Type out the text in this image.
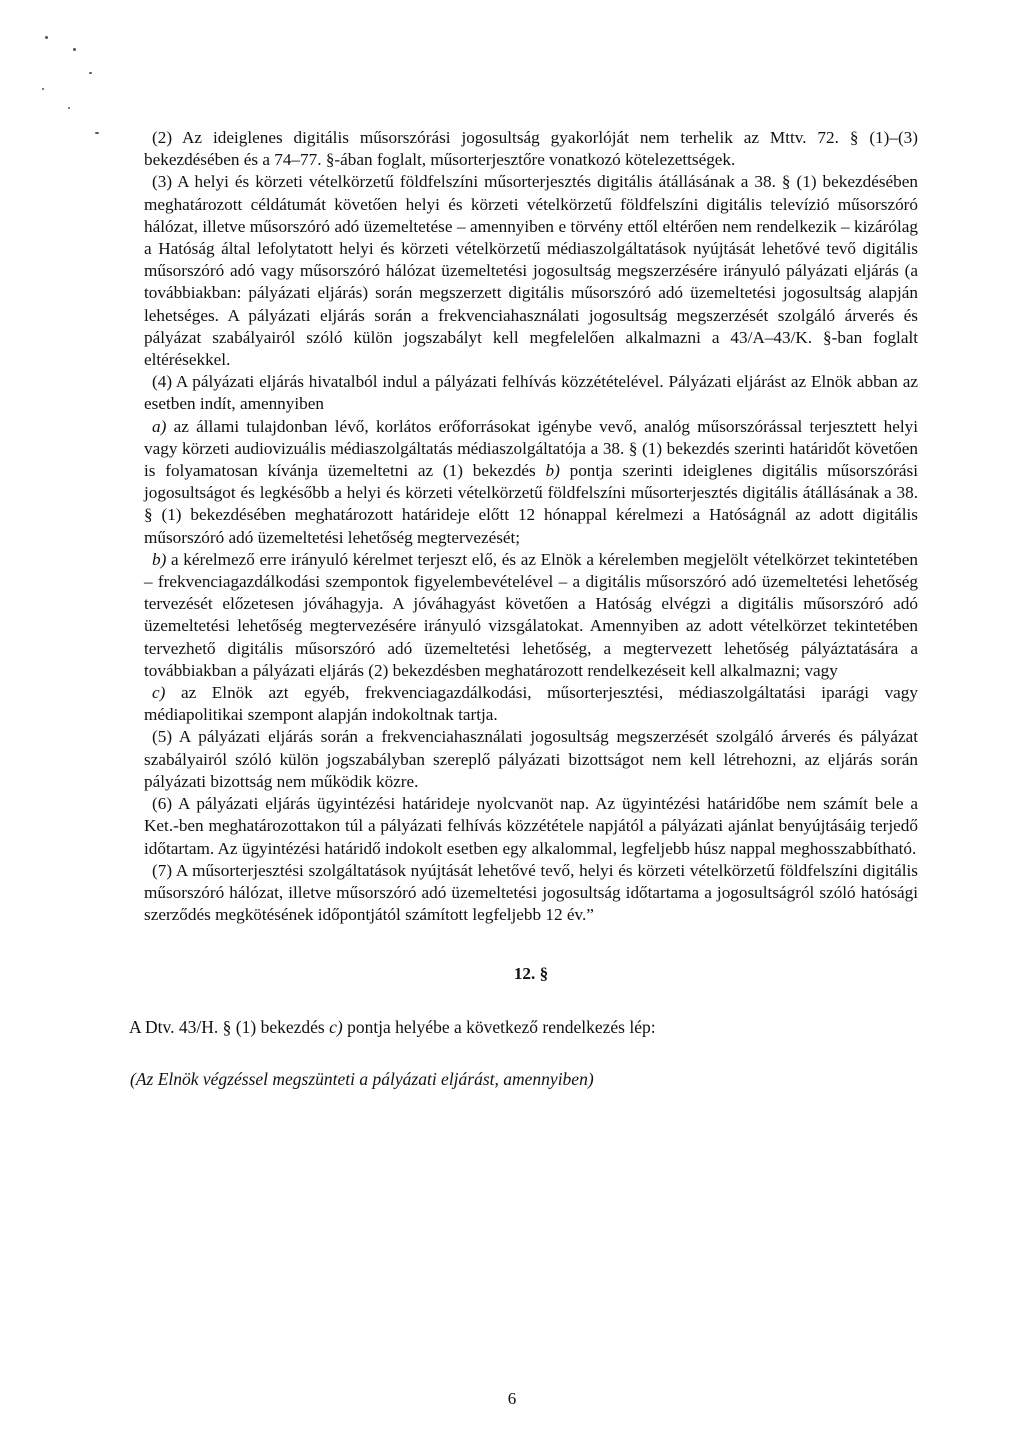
(2) Az ideiglenes digitális műsorszórási jogosultság gyakorlóját nem terhelik az Mttv. 72. § (1)–(3) bekezdésében és a 74–77. §-ában foglalt, műsorterjesztőre vonatkozó kötelezettségek.

(3) A helyi és körzeti vételkörzetű földfelszíni műsorterjesztés digitális átállásának a 38. § (1) bekezdésében meghatározott céldátumát követően helyi és körzeti vételkörzetű földfelszíni digitális televízió műsorszóró hálózat, illetve műsorszóró adó üzemeltetése – amennyiben e törvény ettől eltérően nem rendelkezik – kizárólag a Hatóság által lefolytatott helyi és körzeti vételkörzetű médiaszolgáltatások nyújtását lehetővé tevő digitális műsorszóró adó vagy műsorszóró hálózat üzemeltetési jogosultság megszerzésére irányuló pályázati eljárás (a továbbiakban: pályázati eljárás) során megszerzett digitális műsorszóró adó üzemeltetési jogosultság alapján lehetséges. A pályázati eljárás során a frekvenciahasználati jogosultság megszerzését szolgáló árverés és pályázat szabályairól szóló külön jogszabályt kell megfelelően alkalmazni a 43/A–43/K. §-ban foglalt eltérésekkel.

(4) A pályázati eljárás hivatalból indul a pályázati felhívás közzétételével. Pályázati eljárást az Elnök abban az esetben indít, amennyiben

a) az állami tulajdonban lévő, korlátos erőforrásokat igénybe vevő, analóg műsorszórással terjesztett helyi vagy körzeti audiovizuális médiaszolgáltatás médiaszolgáltatója a 38. § (1) bekezdés szerinti határidőt követően is folyamatosan kívánja üzemeltetni az (1) bekezdés b) pontja szerinti ideiglenes digitális műsorszórási jogosultságot és legkésőbb a helyi és körzeti vételkörzetű földfelszíni műsorterjesztés digitális átállásának a 38. § (1) bekezdésében meghatározott határideje előtt 12 hónappal kérelmezi a Hatóságnál az adott digitális műsorszóró adó üzemeltetési lehetőség megtervezését;

b) a kérelmező erre irányuló kérelmet terjeszt elő, és az Elnök a kérelemben megjelölt vételkörzet tekintetében – frekvenciagazdálkodási szempontok figyelembevételével – a digitális műsorszóró adó üzemeltetési lehetőség tervezését előzetesen jóváhagyja. A jóváhagyást követően a Hatóság elvégzi a digitális műsorszóró adó üzemeltetési lehetőség megtervezésére irányuló vizsgálatokat. Amennyiben az adott vételkörzet tekintetében tervezhető digitális műsorszóró adó üzemeltetési lehetőség, a megtervezett lehetőség pályáztatására a továbbiakban a pályázati eljárás (2) bekezdésben meghatározott rendelkezéseit kell alkalmazni; vagy

c) az Elnök azt egyéb, frekvenciagazdálkodási, műsorterjesztési, médiaszolgáltatási iparági vagy médiapolitikai szempont alapján indokoltnak tartja.

(5) A pályázati eljárás során a frekvenciahasználati jogosultság megszerzését szolgáló árverés és pályázat szabályairól szóló külön jogszabályban szereplő pályázati bizottságot nem kell létrehozni, az eljárás során pályázati bizottság nem működik közre.

(6) A pályázati eljárás ügyintézési határideje nyolcvanöt nap. Az ügyintézési határidőbe nem számít bele a Ket.-ben meghatározottakon túl a pályázati felhívás közzététele napjától a pályázati ajánlat benyújtásáig terjedő időtartam. Az ügyintézési határidő indokolt esetben egy alkalommal, legfeljebb húsz nappal meghosszabbítható.

(7) A műsorterjesztési szolgáltatások nyújtását lehetővé tevő, helyi és körzeti vételkörzetű földfelszíni digitális műsorszóró hálózat, illetve műsorszóró adó üzemeltetési jogosultság időtartama a jogosultságról szóló hatósági szerződés megkötésének időpontjától számított legfeljebb 12 év.”

12. §

A Dtv. 43/H. § (1) bekezdés c) pontja helyébe a következő rendelkezés lép:

(Az Elnök végzéssel megszünteti a pályázati eljárást, amennyiben)

6
